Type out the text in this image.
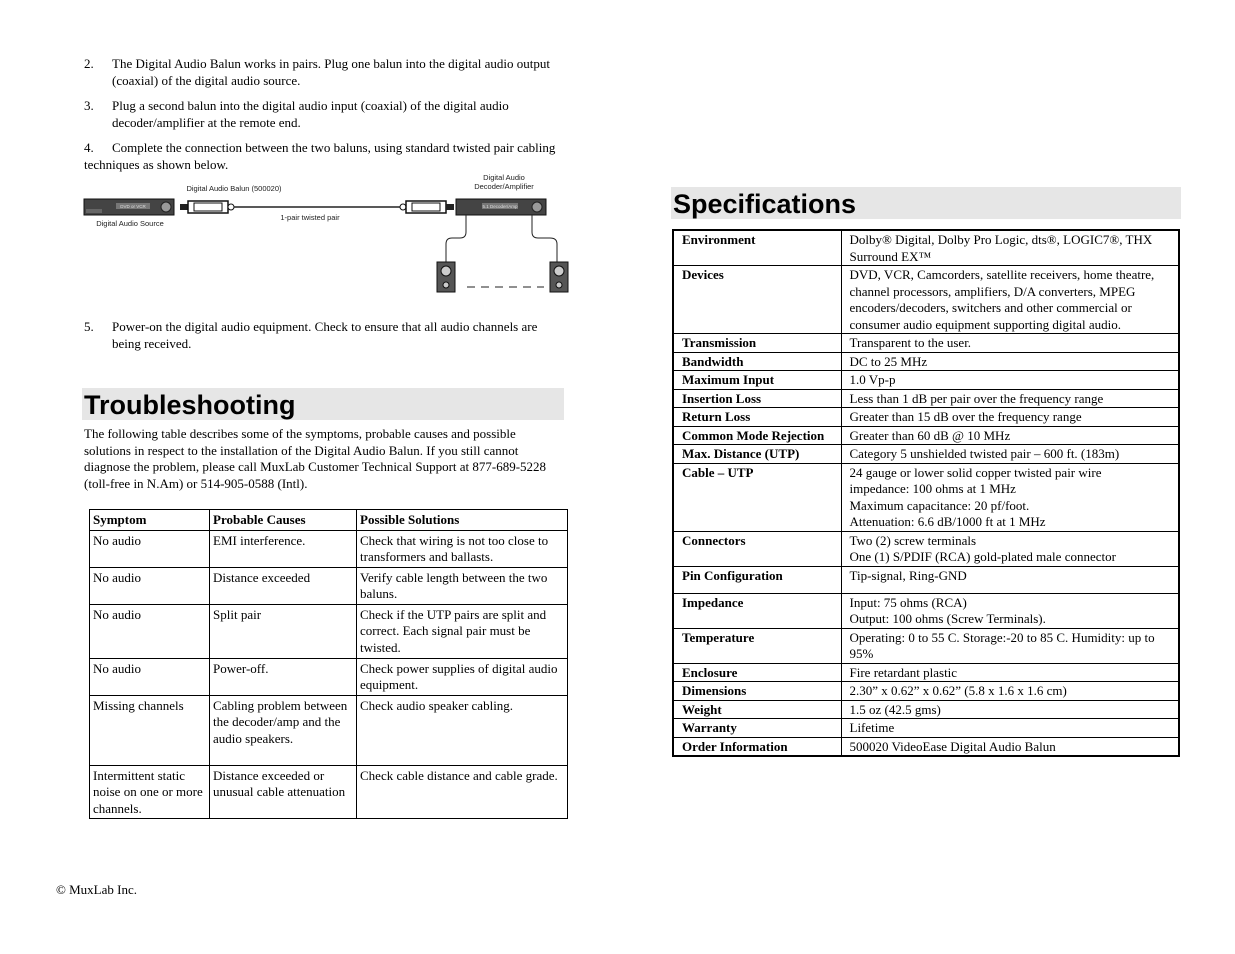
2.	The Digital Audio Balun works in pairs. Plug one balun into the digital audio output (coaxial) of the digital audio source.
3.	Plug a second balun into the digital audio input (coaxial) of the digital audio decoder/amplifier at the remote end.
4. Complete the connection between the two baluns, using standard twisted pair cabling techniques as shown below.
DVD or VCR
Digital Audio Source
Digital Audio Balun (500020)
1-pair twisted pair
5.1 Decoder/Amp
Digital Audio
Decoder/Amplifier
5.	Power-on the digital audio equipment. Check to ensure that all audio channels are being received.
Troubleshooting
The following table describes some of the symptoms, probable causes and possible solutions in respect to the installation of the Digital Audio Balun. If you still cannot diagnose the problem, please call MuxLab Customer Technical Support at 877-689-5228 (toll-free in N.Am) or 514-905-0588 (Intl).
Symptom	Probable Causes	Possible Solutions
No audio	EMI interference.	Check that wiring is not too close to transformers and ballasts.
No audio	Distance exceeded	Verify cable length between the two baluns.
No audio	Split pair	Check if the UTP pairs are split and correct. Each signal pair must be twisted.
No audio	Power-off.	Check power supplies of digital audio equipment.
Missing channels	Cabling problem between the decoder/amp and the audio speakers.	Check audio speaker cabling.
Intermittent static noise on one or more channels.	Distance exceeded or unusual cable attenuation	Check cable distance and cable grade.
© MuxLab Inc.
Specifications
Environment	Dolby® Digital, Dolby Pro Logic, dts®, LOGIC7®, THX Surround EX™
Devices	DVD, VCR, Camcorders, satellite receivers, home theatre, channel processors, amplifiers, D/A converters, MPEG encoders/decoders, switchers and other commercial or consumer audio equipment supporting digital audio.
Transmission	Transparent to the user.
Bandwidth	DC to 25 MHz
Maximum Input	1.0 Vp-p
Insertion Loss	Less than 1 dB per pair over the frequency range
Return Loss	Greater than 15 dB over the frequency range
Common Mode Rejection	Greater than 60 dB @ 10 MHz
Max. Distance (UTP)	Category 5 unshielded twisted pair – 600 ft. (183m)
Cable – UTP	24 gauge or lower solid copper twisted pair wire
impedance: 100 ohms at 1 MHz
Maximum capacitance: 20 pf/foot.
Attenuation: 6.6 dB/1000 ft at 1 MHz
Connectors	Two (2) screw terminals
One (1) S/PDIF (RCA) gold-plated male connector
Pin Configuration	Tip-signal, Ring-GND
Impedance	Input: 75 ohms (RCA)
Output: 100 ohms (Screw Terminals).
Temperature	Operating: 0 to 55 C. Storage:-20 to 85 C. Humidity: up to 95%
Enclosure	Fire retardant plastic
Dimensions	2.30” x 0.62” x 0.62” (5.8 x 1.6 x 1.6 cm)
Weight	1.5 oz (42.5 gms)
Warranty	Lifetime
Order Information	500020 VideoEase Digital Audio Balun
